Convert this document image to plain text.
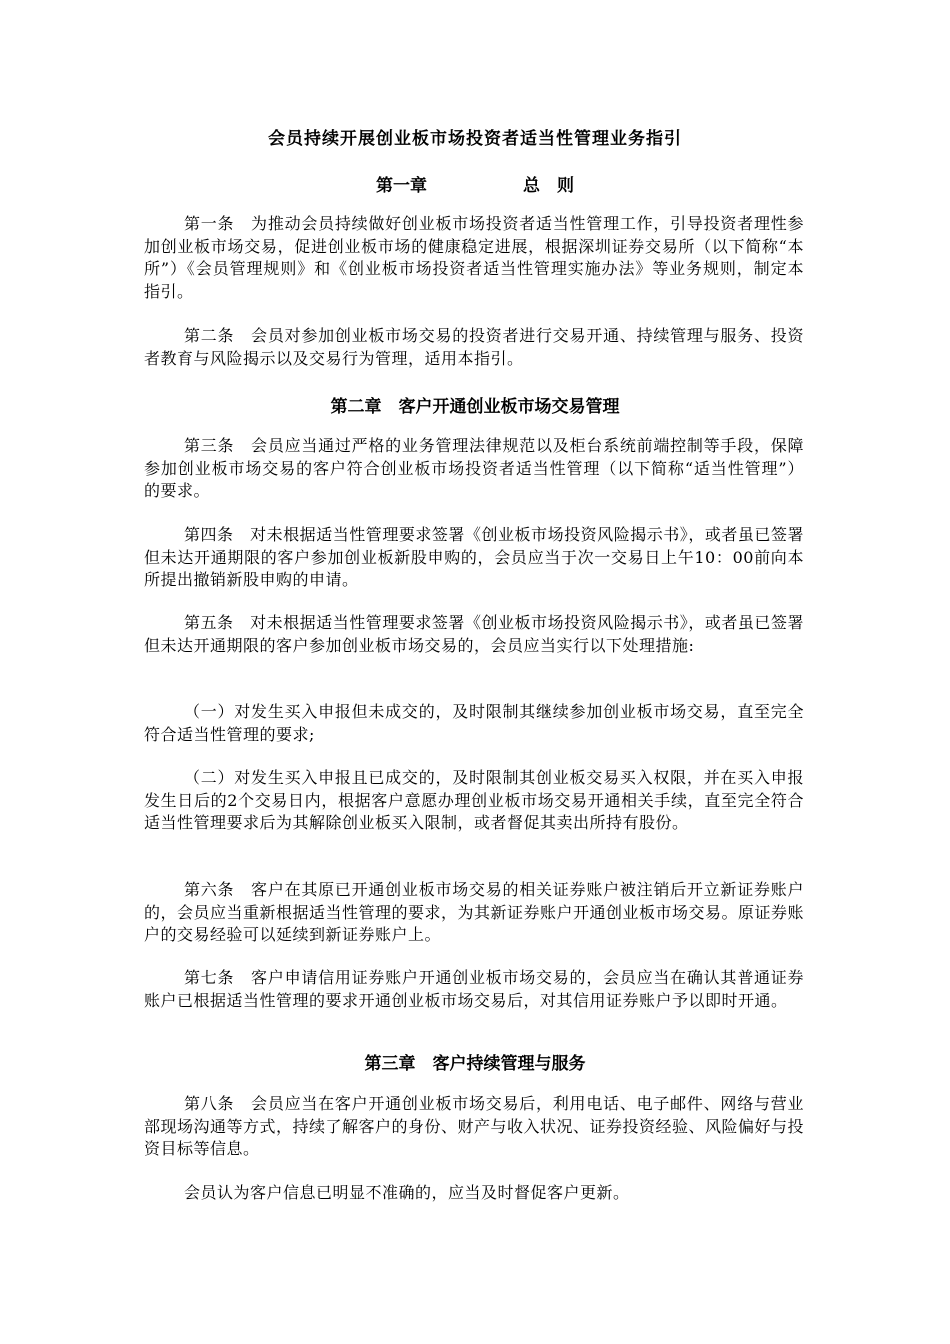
会员持续开展创业板市场投资者适当性管理业务指引
第一章	总　则
第一条　为推动会员持续做好创业板市场投资者适当性管理工作，引导投资者理性参加创业板市场交易，促进创业板市场的健康稳定进展，根据深圳证券交易所（以下简称“本所”）《会员管理规则》和《创业板市场投资者适当性管理实施办法》等业务规则，制定本指引。
第二条　会员对参加创业板市场交易的投资者进行交易开通、持续管理与服务、投资者教育与风险揭示以及交易行为管理，适用本指引。
第二章 客户开通创业板市场交易管理
第三条　会员应当通过严格的业务管理法律规范以及柜台系统前端控制等手段，保障参加创业板市场交易的客户符合创业板市场投资者适当性管理（以下简称“适当性管理”）的要求。
第四条　对未根据适当性管理要求签署《创业板市场投资风险揭示书》，或者虽已签署但未达开通期限的客户参加创业板新股申购的，会员应当于次一交易日上午10：00前向本所提出撤销新股申购的申请。
第五条　对未根据适当性管理要求签署《创业板市场投资风险揭示书》，或者虽已签署但未达开通期限的客户参加创业板市场交易的，会员应当实行以下处理措施:
（一）对发生买入申报但未成交的，及时限制其继续参加创业板市场交易，直至完全符合适当性管理的要求;
（二）对发生买入申报且已成交的，及时限制其创业板交易买入权限，并在买入申报发生日后的2个交易日内，根据客户意愿办理创业板市场交易开通相关手续，直至完全符合适当性管理要求后为其解除创业板买入限制，或者督促其卖出所持有股份。
第六条　客户在其原已开通创业板市场交易的相关证券账户被注销后开立新证券账户的，会员应当重新根据适当性管理的要求，为其新证券账户开通创业板市场交易。原证券账户的交易经验可以延续到新证券账户上。
第七条　客户申请信用证券账户开通创业板市场交易的，会员应当在确认其普通证券账户已根据适当性管理的要求开通创业板市场交易后，对其信用证券账户予以即时开通。
第三章 客户持续管理与服务
第八条　会员应当在客户开通创业板市场交易后，利用电话、电子邮件、网络与营业部现场沟通等方式，持续了解客户的身份、财产与收入状况、证券投资经验、风险偏好与投资目标等信息。
会员认为客户信息已明显不准确的，应当及时督促客户更新。
